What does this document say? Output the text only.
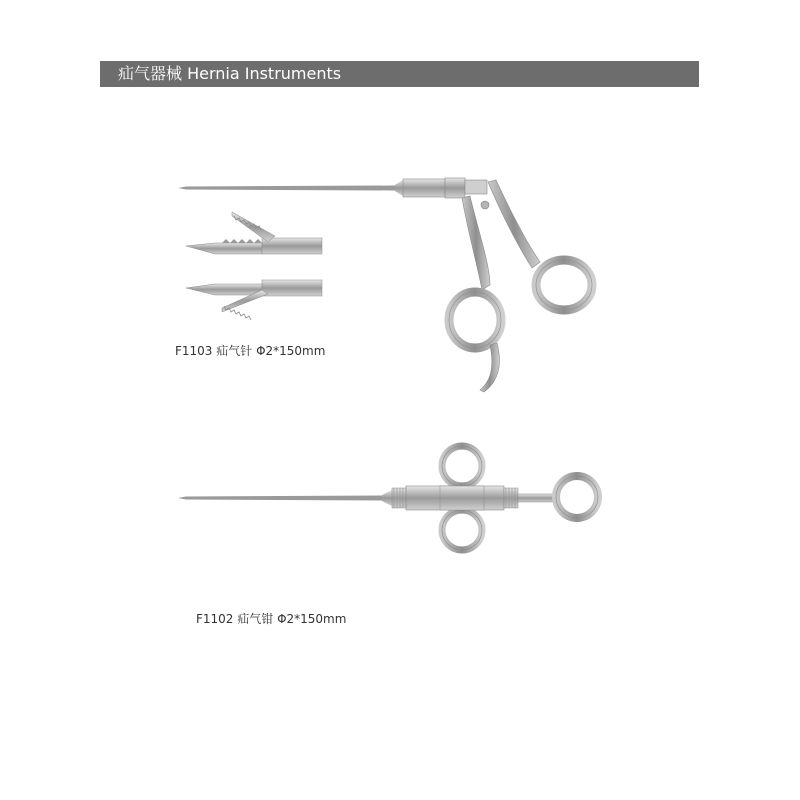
疝气器械 Hernia Instruments
F1103 疝气针 Φ2*150mm
F1102 疝气钳 Φ2*150mm
